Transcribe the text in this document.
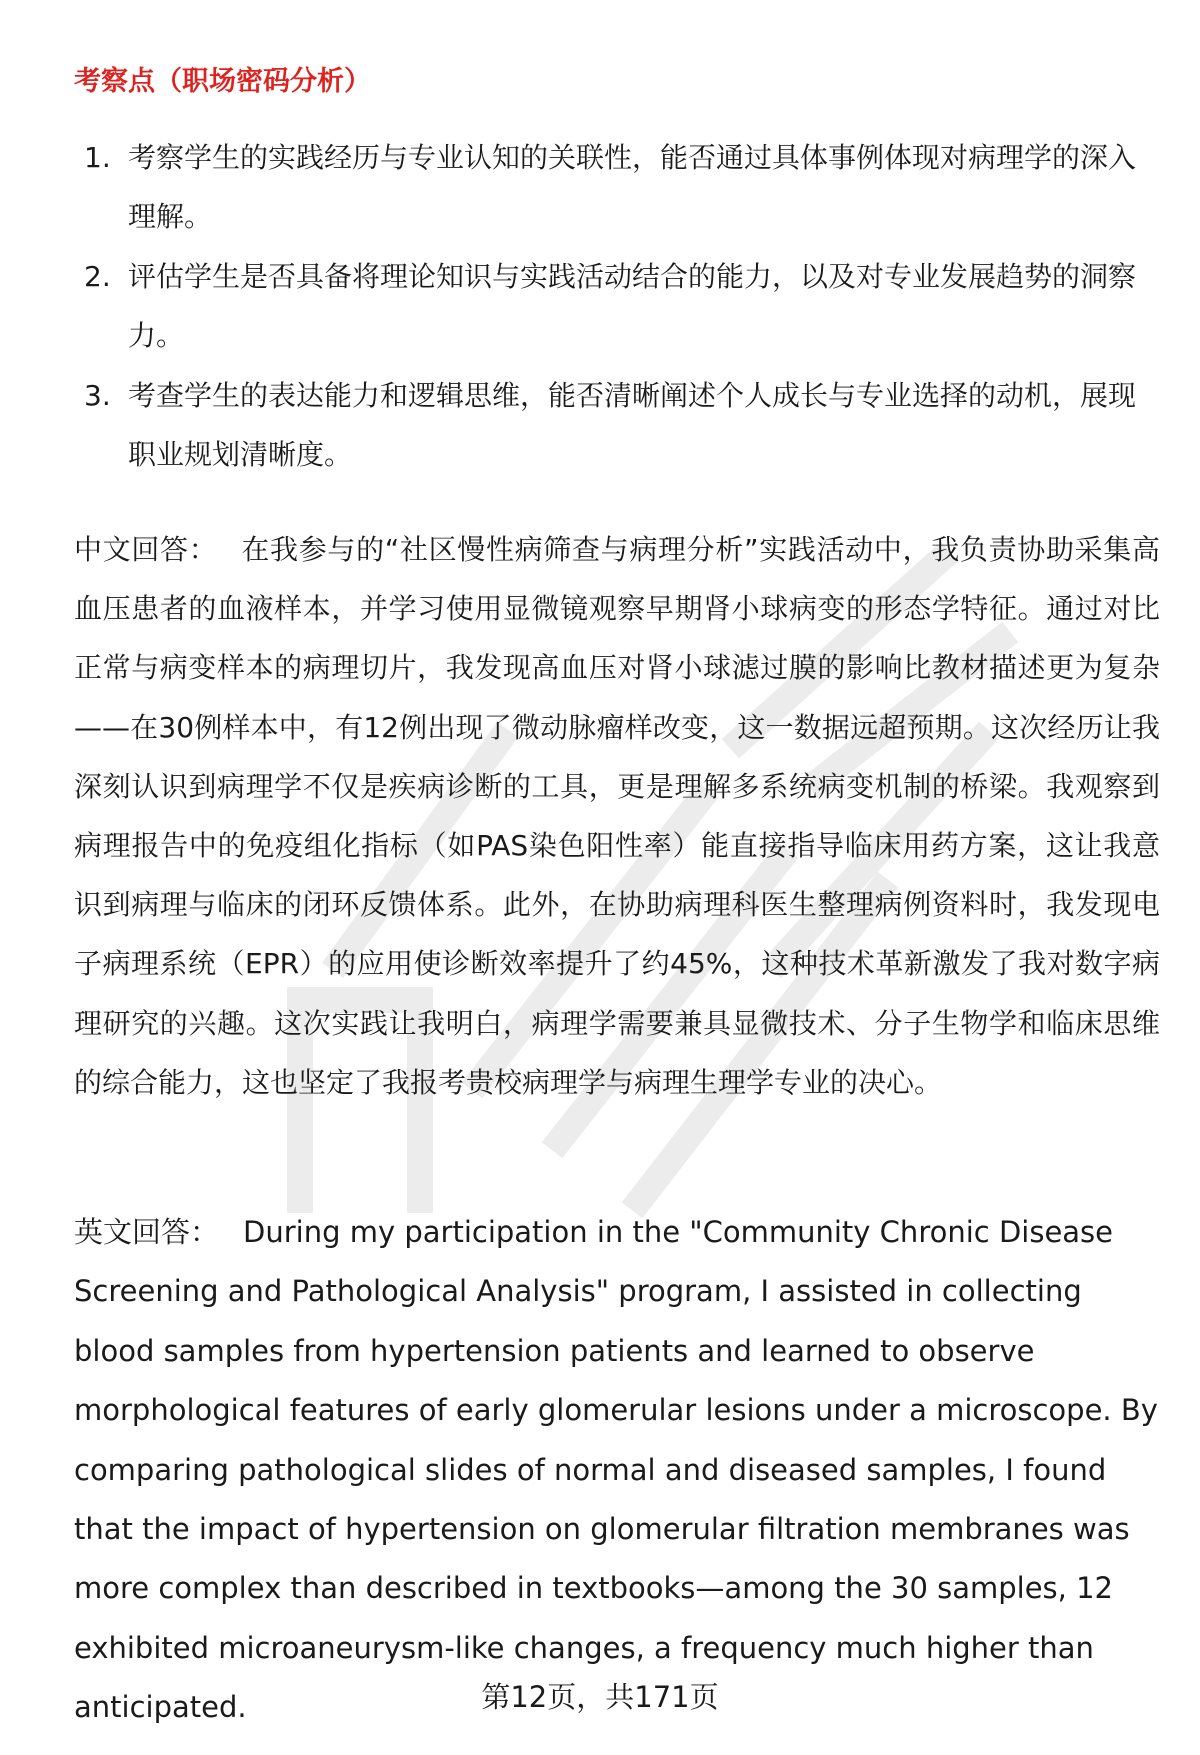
考察点（职场密码分析）
1. 考察学生的实践经历与专业认知的关联性，能否通过具体事例体现对病理学的深入理解。
2. 评估学生是否具备将理论知识与实践活动结合的能力，以及对专业发展趋势的洞察力。
3. 考查学生的表达能力和逻辑思维，能否清晰阐述个人成长与专业选择的动机，展现职业规划清晰度。

中文回答： 在我参与的“社区慢性病筛查与病理分析”实践活动中，我负责协助采集高血压患者的血液样本，并学习使用显微镜观察早期肾小球病变的形态学特征。通过对比正常与病变样本的病理切片，我发现高血压对肾小球滤过膜的影响比教材描述更为复杂——在30例样本中，有12例出现了微动脉瘤样改变，这一数据远超预期。这次经历让我深刻认识到病理学不仅是疾病诊断的工具，更是理解多系统病变机制的桥梁。我观察到病理报告中的免疫组化指标（如PAS染色阳性率）能直接指导临床用药方案，这让我意识到病理与临床的闭环反馈体系。此外，在协助病理科医生整理病例资料时，我发现电子病理系统（EPR）的应用使诊断效率提升了约45%，这种技术革新激发了我对数字病理研究的兴趣。这次实践让我明白，病理学需要兼具显微技术、分子生物学和临床思维的综合能力，这也坚定了我报考贵校病理学与病理生理学专业的决心。

英文回答： During my participation in the "Community Chronic Disease Screening and Pathological Analysis" program, I assisted in collecting blood samples from hypertension patients and learned to observe morphological features of early glomerular lesions under a microscope. By comparing pathological slides of normal and diseased samples, I found that the impact of hypertension on glomerular filtration membranes was more complex than described in textbooks—among the 30 samples, 12 exhibited microaneurysm-like changes, a frequency much higher than anticipated.	第12页，共171页
